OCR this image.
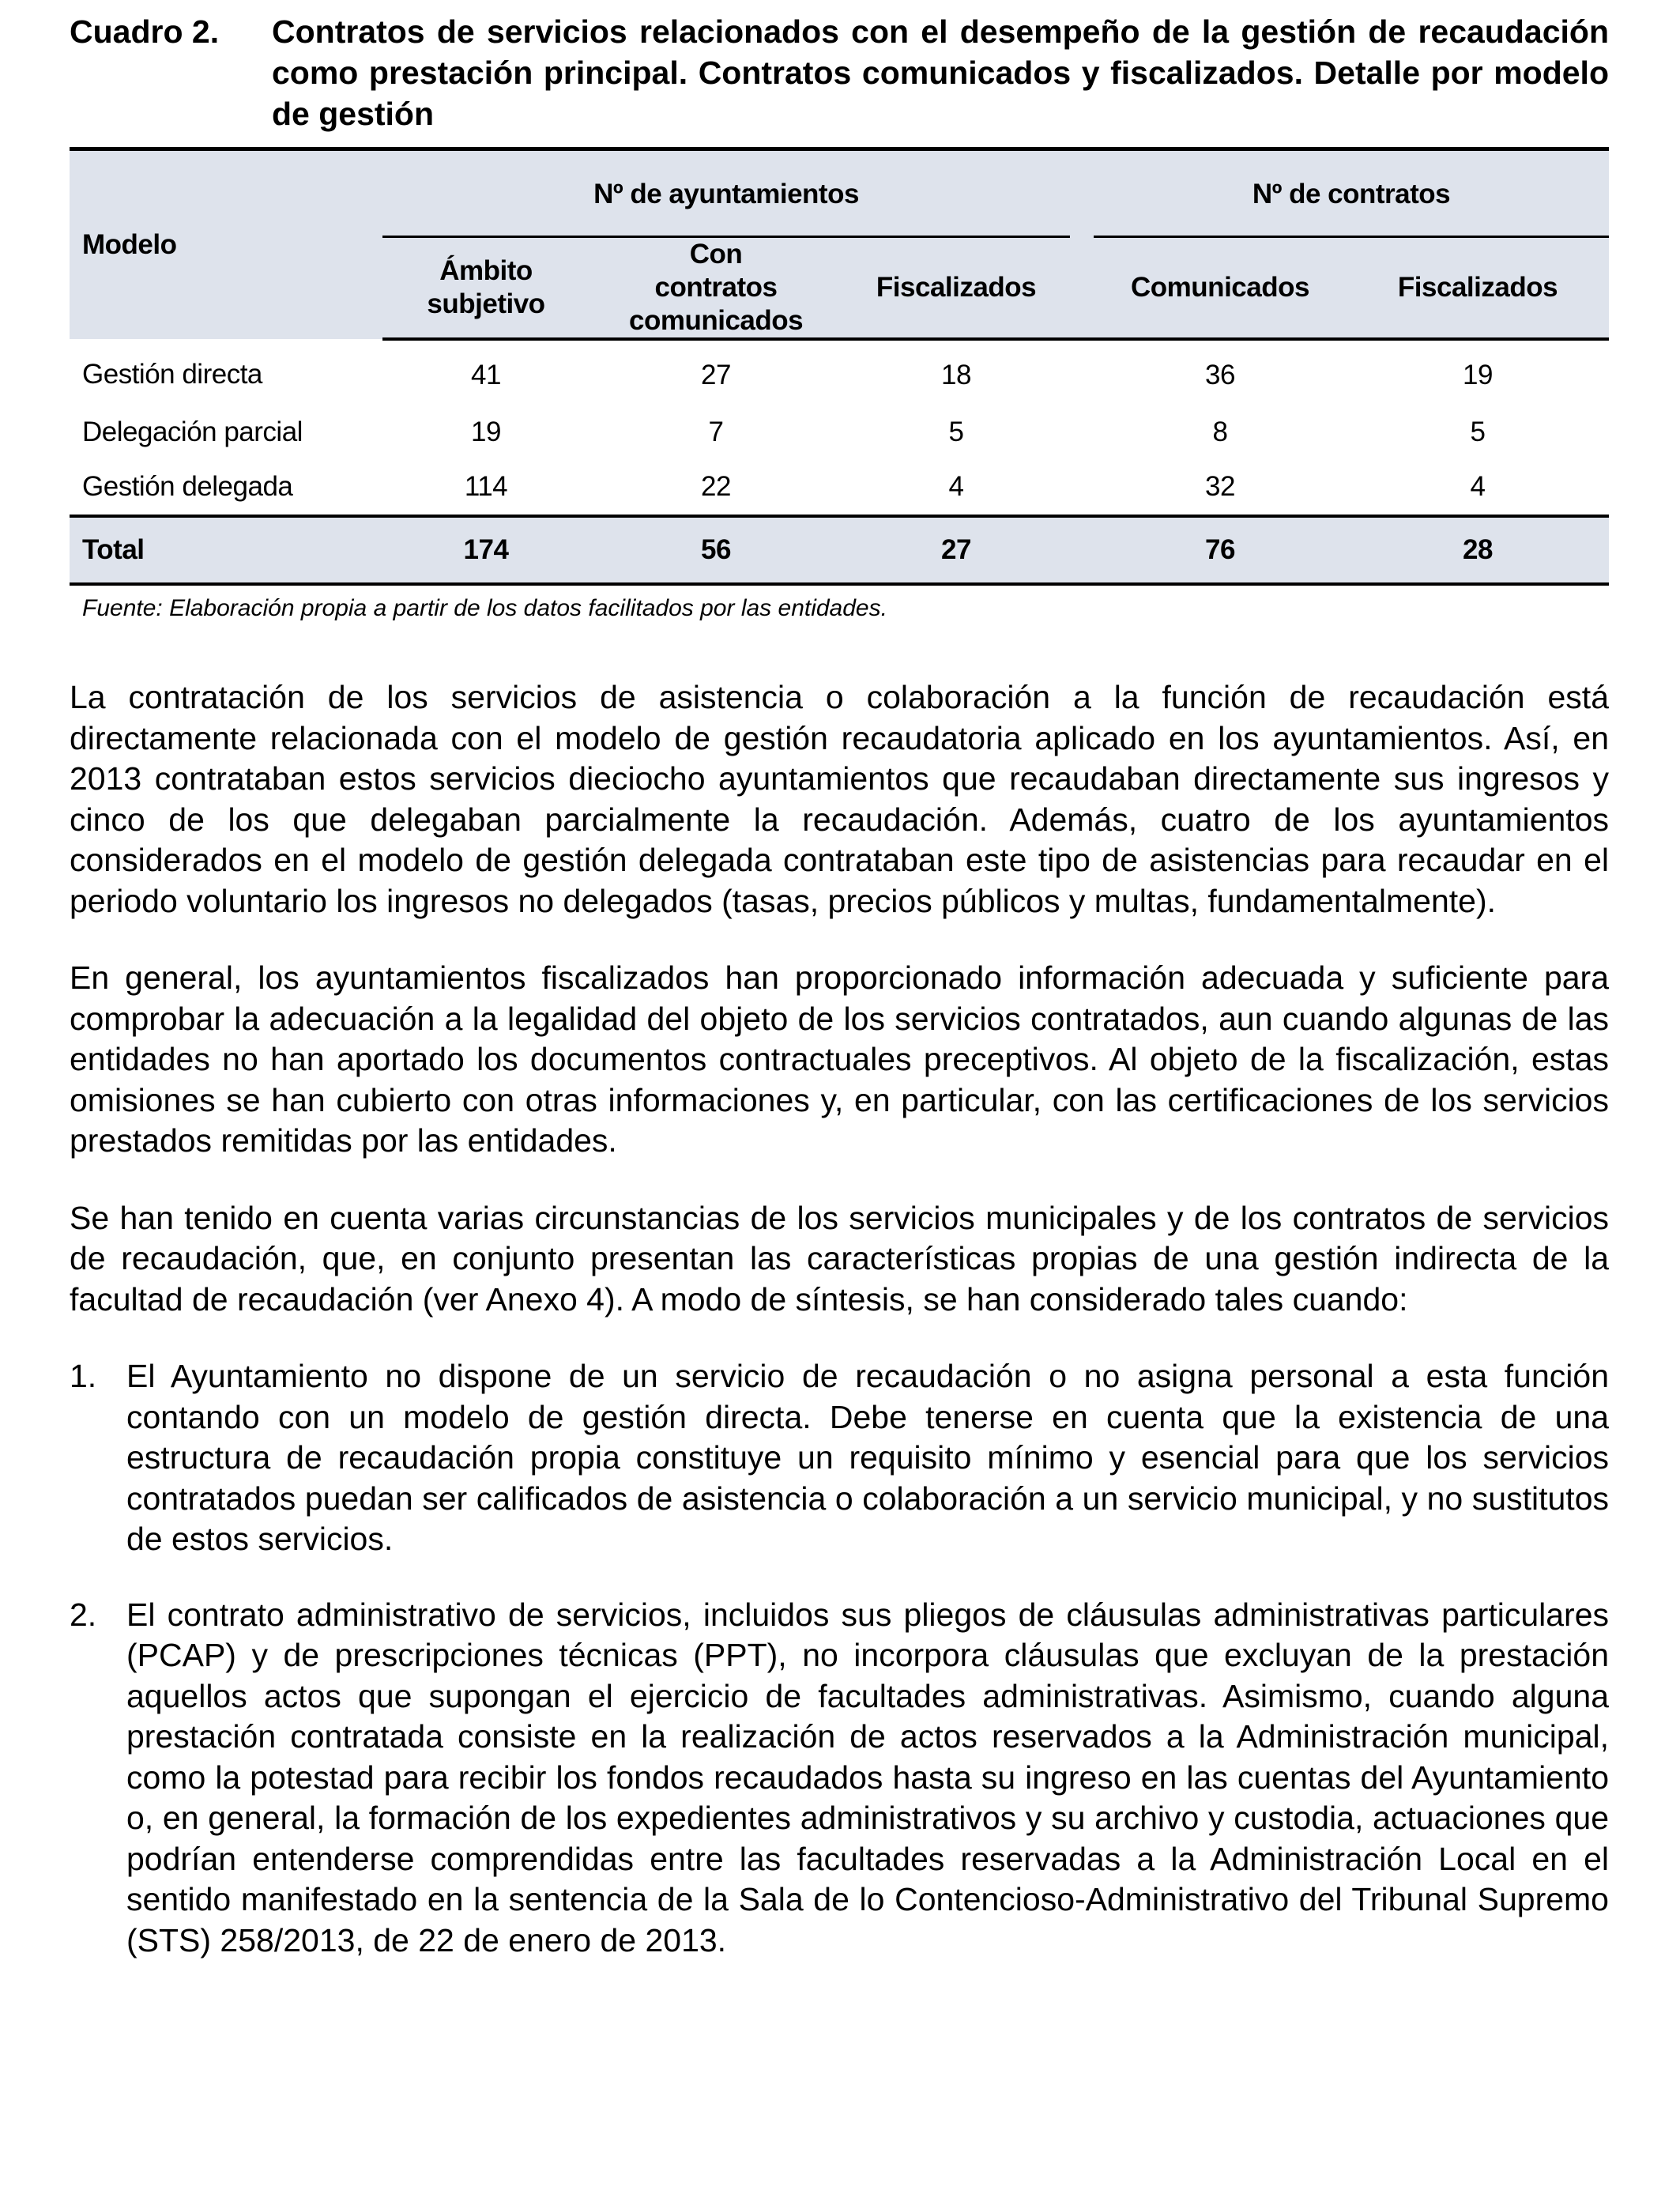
Cuadro 2.	Contratos de servicios relacionados con el desempeño de la gestión de recaudación como prestación principal. Contratos comunicados y fiscalizados. Detalle por modelo de gestión
Modelo	Nº de ayuntamientos				Nº de contratos	

	Ámbito subjetivo	Con contratos comunicados	Fiscalizados		Comunicados	Fiscalizados
Gestión directa	41	27	18		36	19
Delegación parcial	19	7	5		8	5
Gestión delegada	114	22	4		32	4
Total	174	56	27		76	28
Fuente: Elaboración propia a partir de los datos facilitados por las entidades.

La contratación de los servicios de asistencia o colaboración a la función de recaudación está directamente relacionada con el modelo de gestión recaudatoria aplicado en los ayuntamientos. Así, en 2013 contrataban estos servicios dieciocho ayuntamientos que recaudaban directamente sus ingresos y cinco de los que delegaban parcialmente la recaudación. Además, cuatro de los ayuntamientos considerados en el modelo de gestión delegada contrataban este tipo de asistencias para recaudar en el periodo voluntario los ingresos no delegados (tasas, precios públicos y multas, fundamentalmente).

En general, los ayuntamientos fiscalizados han proporcionado información adecuada y suficiente para comprobar la adecuación a la legalidad del objeto de los servicios contratados, aun cuando algunas de las entidades no han aportado los documentos contractuales preceptivos. Al objeto de la fiscalización, estas omisiones se han cubierto con otras informaciones y, en particular, con las certificaciones de los servicios prestados remitidas por las entidades.

Se han tenido en cuenta varias circunstancias de los servicios municipales y de los contratos de servicios de recaudación, que, en conjunto presentan las características propias de una gestión indirecta de la facultad de recaudación (ver Anexo 4). A modo de síntesis, se han considerado tales cuando:

1. El Ayuntamiento no dispone de un servicio de recaudación o no asigna personal a esta función contando con un modelo de gestión directa. Debe tenerse en cuenta que la existencia de una estructura de recaudación propia constituye un requisito mínimo y esencial para que los servicios contratados puedan ser calificados de asistencia o colaboración a un servicio municipal, y no sustitutos de estos servicios.
2. El contrato administrativo de servicios, incluidos sus pliegos de cláusulas administrativas particulares (PCAP) y de prescripciones técnicas (PPT), no incorpora cláusulas que excluyan de la prestación aquellos actos que supongan el ejercicio de facultades administrativas. Asimismo, cuando alguna prestación contratada consiste en la realización de actos reservados a la Administración municipal, como la potestad para recibir los fondos recaudados hasta su ingreso en las cuentas del Ayuntamiento o, en general, la formación de los expedientes administrativos y su archivo y custodia, actuaciones que podrían entenderse comprendidas entre las facultades reservadas a la Administración Local en el sentido manifestado en la sentencia de la Sala de lo Contencioso-Administrativo del Tribunal Supremo (STS) 258/2013, de 22 de enero de 2013.
